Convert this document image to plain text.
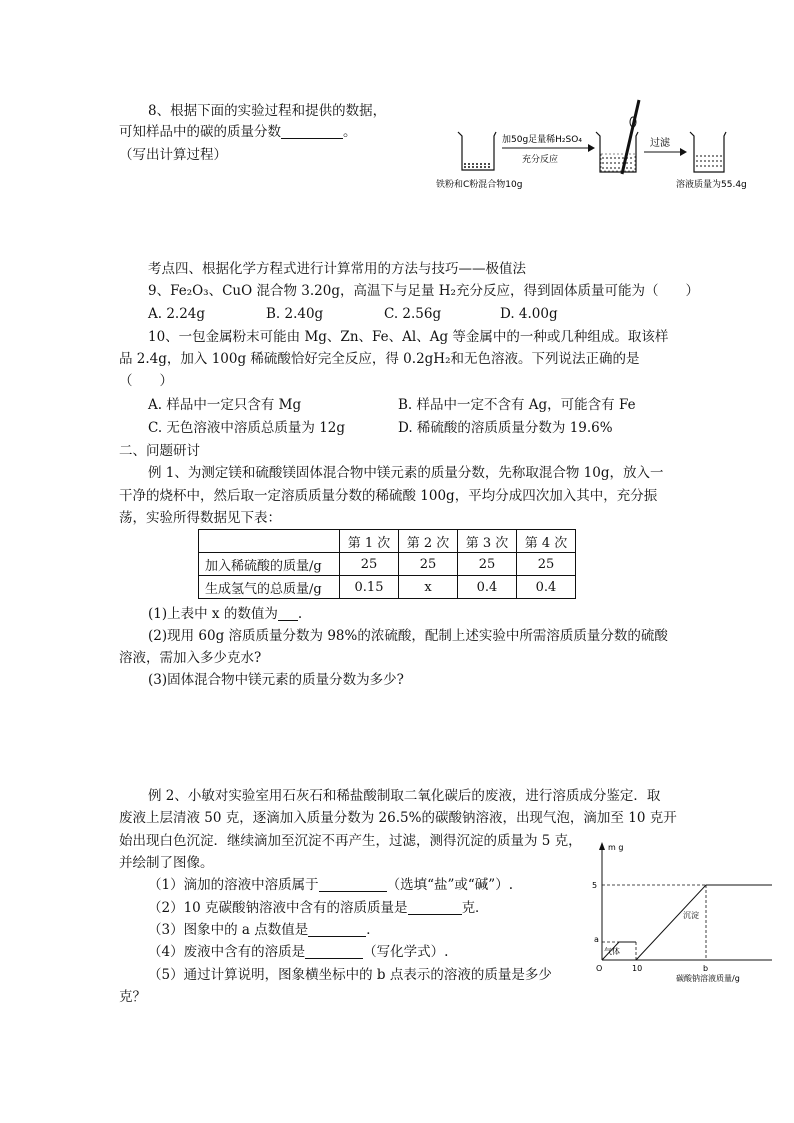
8、根据下面的实验过程和提供的数据，
可知样品中的碳的质量分数	。
（写出计算过程）
铁粉和C粉混合物10g
加50g足量稀H₂SO₄
充分反应
过滤
溶液质量为55.4g
考点四、根据化学方程式进行计算常用的方法与技巧——极值法
9、Fe₂O₃、CuO 混合物 3.20g，高温下与足量 H₂充分反应，得到固体质量可能为（　　）
A. 2.24g	B. 2.40g	C. 2.56g	D. 4.00g
10、一包金属粉末可能由 Mg、Zn、Fe、Al、Ag 等金属中的一种或几种组成。取该样
品 2.4g，加入 100g 稀硫酸恰好完全反应，得 0.2gH₂和无色溶液。下列说法正确的是
（　　）
A. 样品中一定只含有 Mg	B. 样品中一定不含有 Ag，可能含有 Fe
C. 无色溶液中溶质总质量为 12g	D. 稀硫酸的溶质质量分数为 19.6%
二、问题研讨
例 1、为测定镁和硫酸镁固体混合物中镁元素的质量分数，先称取混合物 10g，放入一
干净的烧杯中，然后取一定溶质质量分数的稀硫酸 100g，平均分成四次加入其中，充分振
荡，实验所得数据见下表：
	第 1 次	第 2 次	第 3 次	第 4 次
加入稀硫酸的质量/g	25	25	25	25
生成氢气的总质量/g	0.15	x	0.4	0.4
(1)上表中 x 的数值为 .
(2)现用 60g 溶质质量分数为 98%的浓硫酸，配制上述实验中所需溶质质量分数的硫酸
溶液，需加入多少克水?
(3)固体混合物中镁元素的质量分数为多少?
例 2、小敏对实验室用石灰石和稀盐酸制取二氧化碳后的废液，进行溶质成分鉴定．取
废液上层清液 50 克，逐滴加入质量分数为 26.5%的碳酸钠溶液，出现气泡，滴加至 10 克开
始出现白色沉淀．继续滴加至沉淀不再产生，过滤，测得沉淀的质量为 5 克，
并绘制了图像。
（1）滴加的溶液中溶质属于	（选填“盐”或“碱”）.
（2）10 克碳酸钠溶液中含有的溶质质量是	克．
（3）图象中的 a 点数值是	．
（4）废液中含有的溶质是	（写化学式）.
（5）通过计算说明，图象横坐标中的 b 点表示的溶液的质量是多少
克？
m g
5
a
气体
沉淀
O	10	b
碳酸钠溶液质量/g
